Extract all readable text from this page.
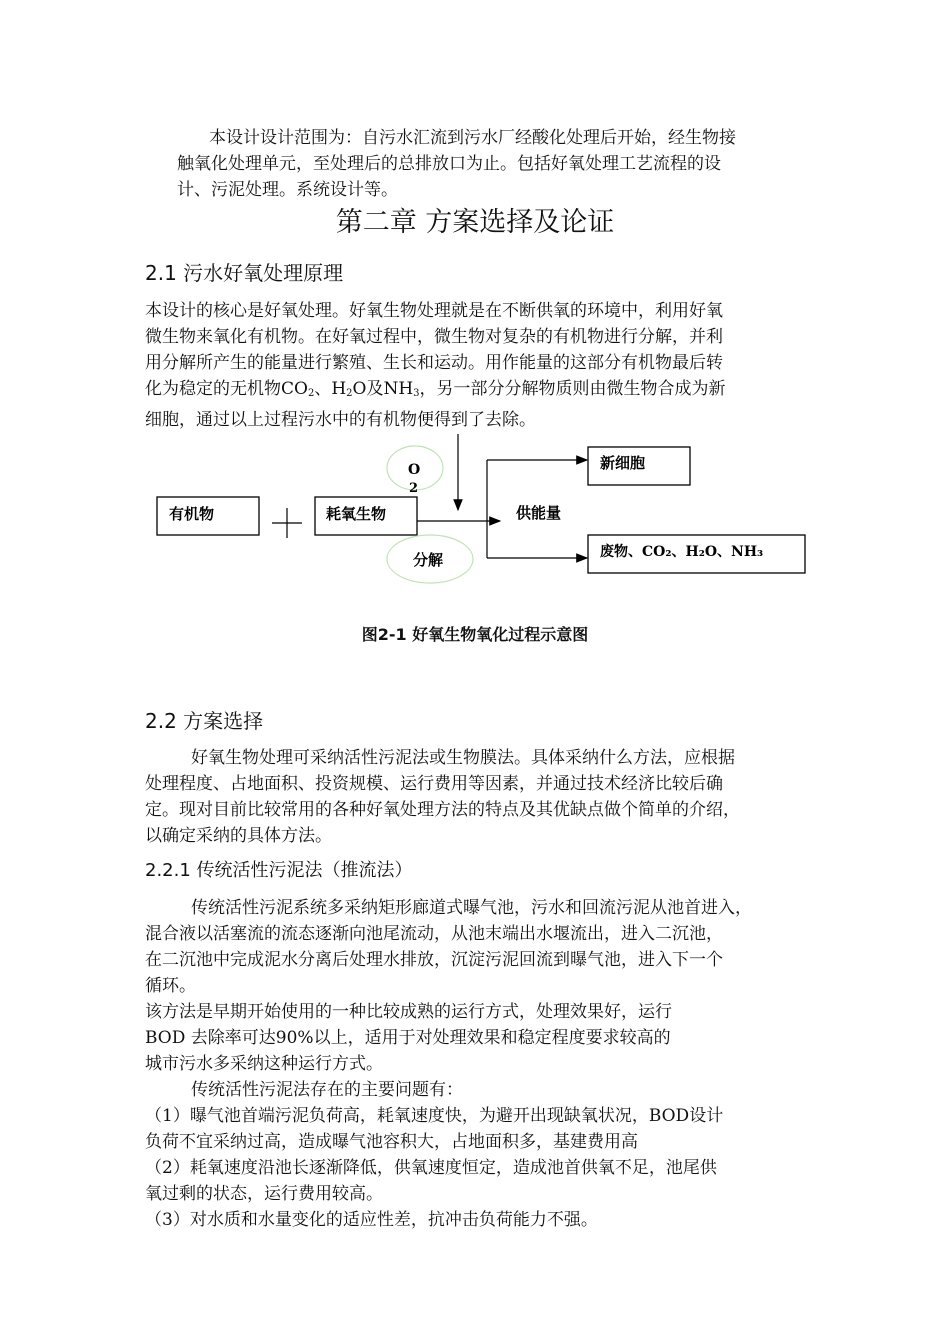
本设计设计范围为：自污水汇流到污水厂经酸化处理后开始，经生物接
触氧化处理单元，至处理后的总排放口为止。包括好氧处理工艺流程的设
计、污泥处理。系统设计等。
第二章 方案选择及论证
2.1 污水好氧处理原理
本设计的核心是好氧处理。好氧生物处理就是在不断供氧的环境中，利用好氧
微生物来氧化有机物。在好氧过程中，微生物对复杂的有机物进行分解，并利
用分解所产生的能量进行繁殖、生长和运动。用作能量的这部分有机物最后转
化为稳定的无机物$CO_2$、$H_2O$及$NH_3$，另一部分分解物质则由微生物合成为新
细胞，通过以上过程污水中的有机物便得到了去除。
有机物	耗氧生物
O
2
分解
供能量
新细胞
废物、CO₂、H₂O、NH₃
图2-1 好氧生物氧化过程示意图
2.2 方案选择
好氧生物处理可采纳活性污泥法或生物膜法。具体采纳什么方法，应根据
处理程度、占地面积、投资规模、运行费用等因素，并通过技术经济比较后确
定。现对目前比较常用的各种好氧处理方法的特点及其优缺点做个简单的介绍，
以确定采纳的具体方法。
2.2.1 传统活性污泥法（推流法）
传统活性污泥系统多采纳矩形廊道式曝气池，污水和回流污泥从池首进入，
混合液以活塞流的流态逐渐向池尾流动，从池末端出水堰流出，进入二沉池，
在二沉池中完成泥水分离后处理水排放，沉淀污泥回流到曝气池，进入下一个
循环。
该方法是早期开始使用的一种比较成熟的运行方式，处理效果好，运行
BOD 去除率可达90%以上，适用于对处理效果和稳定程度要求较高的
城市污水多采纳这种运行方式。
传统活性污泥法存在的主要问题有：
（1）曝气池首端污泥负荷高，耗氧速度快，为避开出现缺氧状况，BOD设计
负荷不宜采纳过高，造成曝气池容积大，占地面积多，基建费用高
（2）耗氧速度沿池长逐渐降低，供氧速度恒定，造成池首供氧不足，池尾供
氧过剩的状态，运行费用较高。
（3）对水质和水量变化的适应性差，抗冲击负荷能力不强。
